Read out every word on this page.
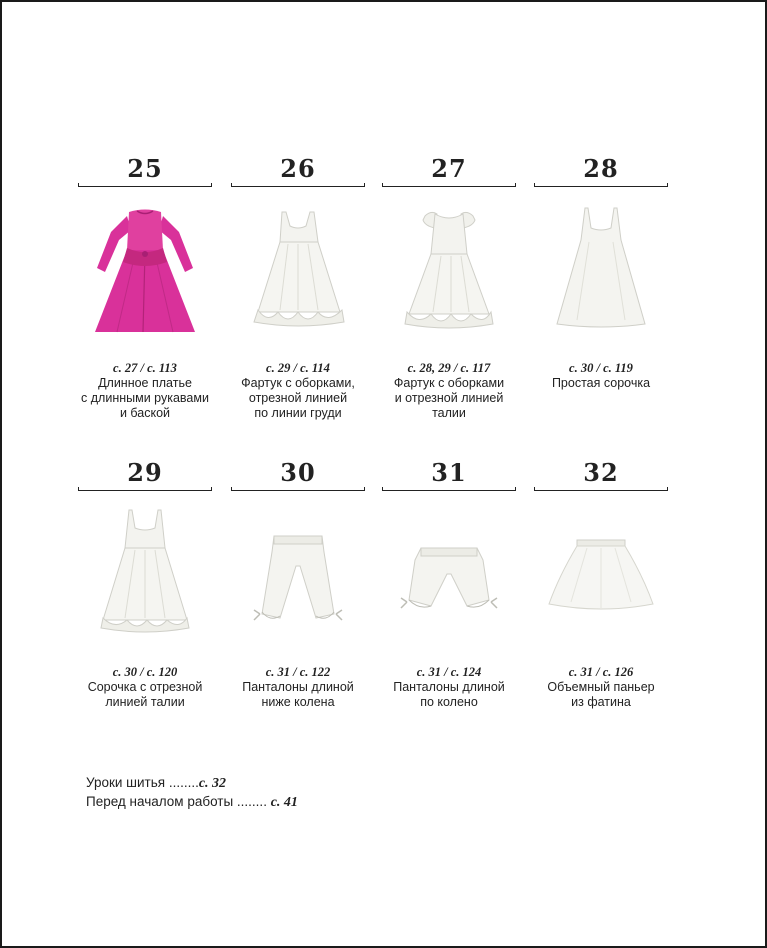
25
с. 27 / с. 113
Длинное платье
с длинными рукавами
и баской
26
с. 29 / с. 114
Фартук с оборками,
отрезной линией
по линии груди
27
с. 28, 29 / с. 117
Фартук с оборками
и отрезной линией
талии
28
с. 30 / с. 119
Простая сорочка
29
с. 30 / с. 120
Сорочка с отрезной
линией талии
30
с. 31 / с. 122
Панталоны длиной
ниже колена
31
с. 31 / с. 124
Панталоны длиной
по колено
32
с. 31 / с. 126
Объемный паньер
из фатина
Уроки шитья ........с. 32
Перед началом работы ........ с. 41
